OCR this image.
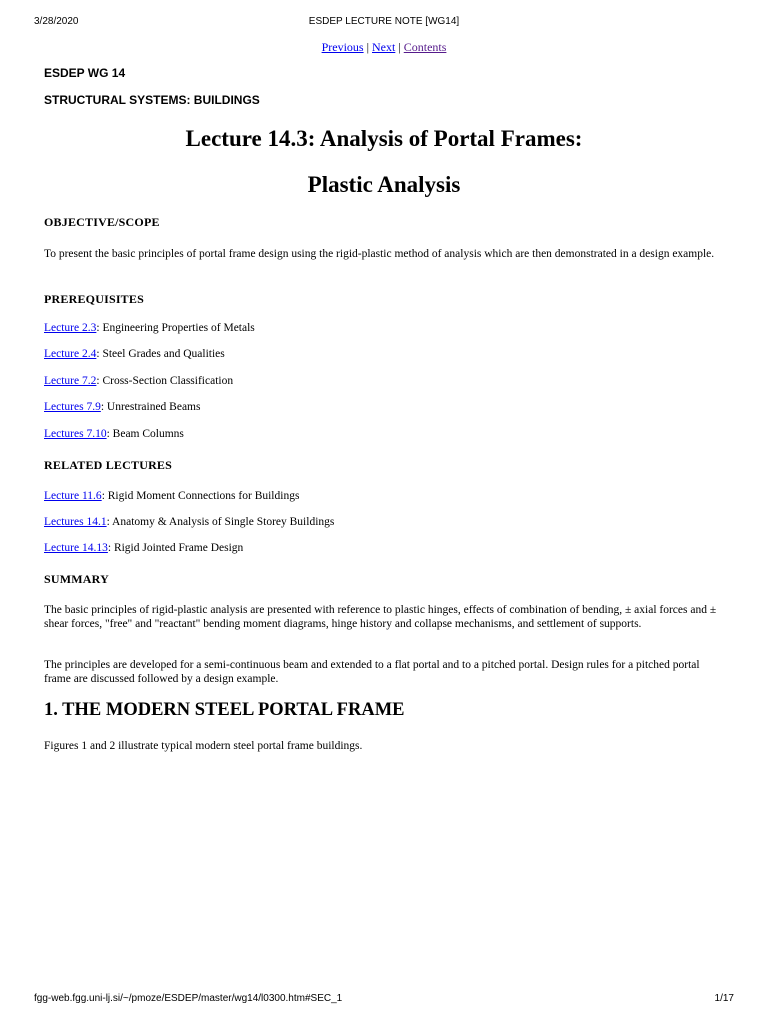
3/28/2020	ESDEP LECTURE NOTE [WG14]
Previous | Next | Contents
ESDEP WG 14
STRUCTURAL SYSTEMS: BUILDINGS
Lecture 14.3: Analysis of Portal Frames:
Plastic Analysis
OBJECTIVE/SCOPE
To present the basic principles of portal frame design using the rigid-plastic method of analysis which are then demonstrated in a design example.
PREREQUISITES
Lecture 2.3: Engineering Properties of Metals
Lecture 2.4: Steel Grades and Qualities
Lecture 7.2: Cross-Section Classification
Lectures 7.9: Unrestrained Beams
Lectures 7.10: Beam Columns
RELATED LECTURES
Lecture 11.6: Rigid Moment Connections for Buildings
Lectures 14.1: Anatomy & Analysis of Single Storey Buildings
Lecture 14.13: Rigid Jointed Frame Design
SUMMARY
The basic principles of rigid-plastic analysis are presented with reference to plastic hinges, effects of combination of bending, ± axial forces and ± shear forces, "free" and "reactant" bending moment diagrams, hinge history and collapse mechanisms, and settlement of supports.
The principles are developed for a semi-continuous beam and extended to a flat portal and to a pitched portal. Design rules for a pitched portal frame are discussed followed by a design example.
1. THE MODERN STEEL PORTAL FRAME
Figures 1 and 2 illustrate typical modern steel portal frame buildings.
fgg-web.fgg.uni-lj.si/~/pmoze/ESDEP/master/wg14/l0300.htm#SEC_1	1/17
